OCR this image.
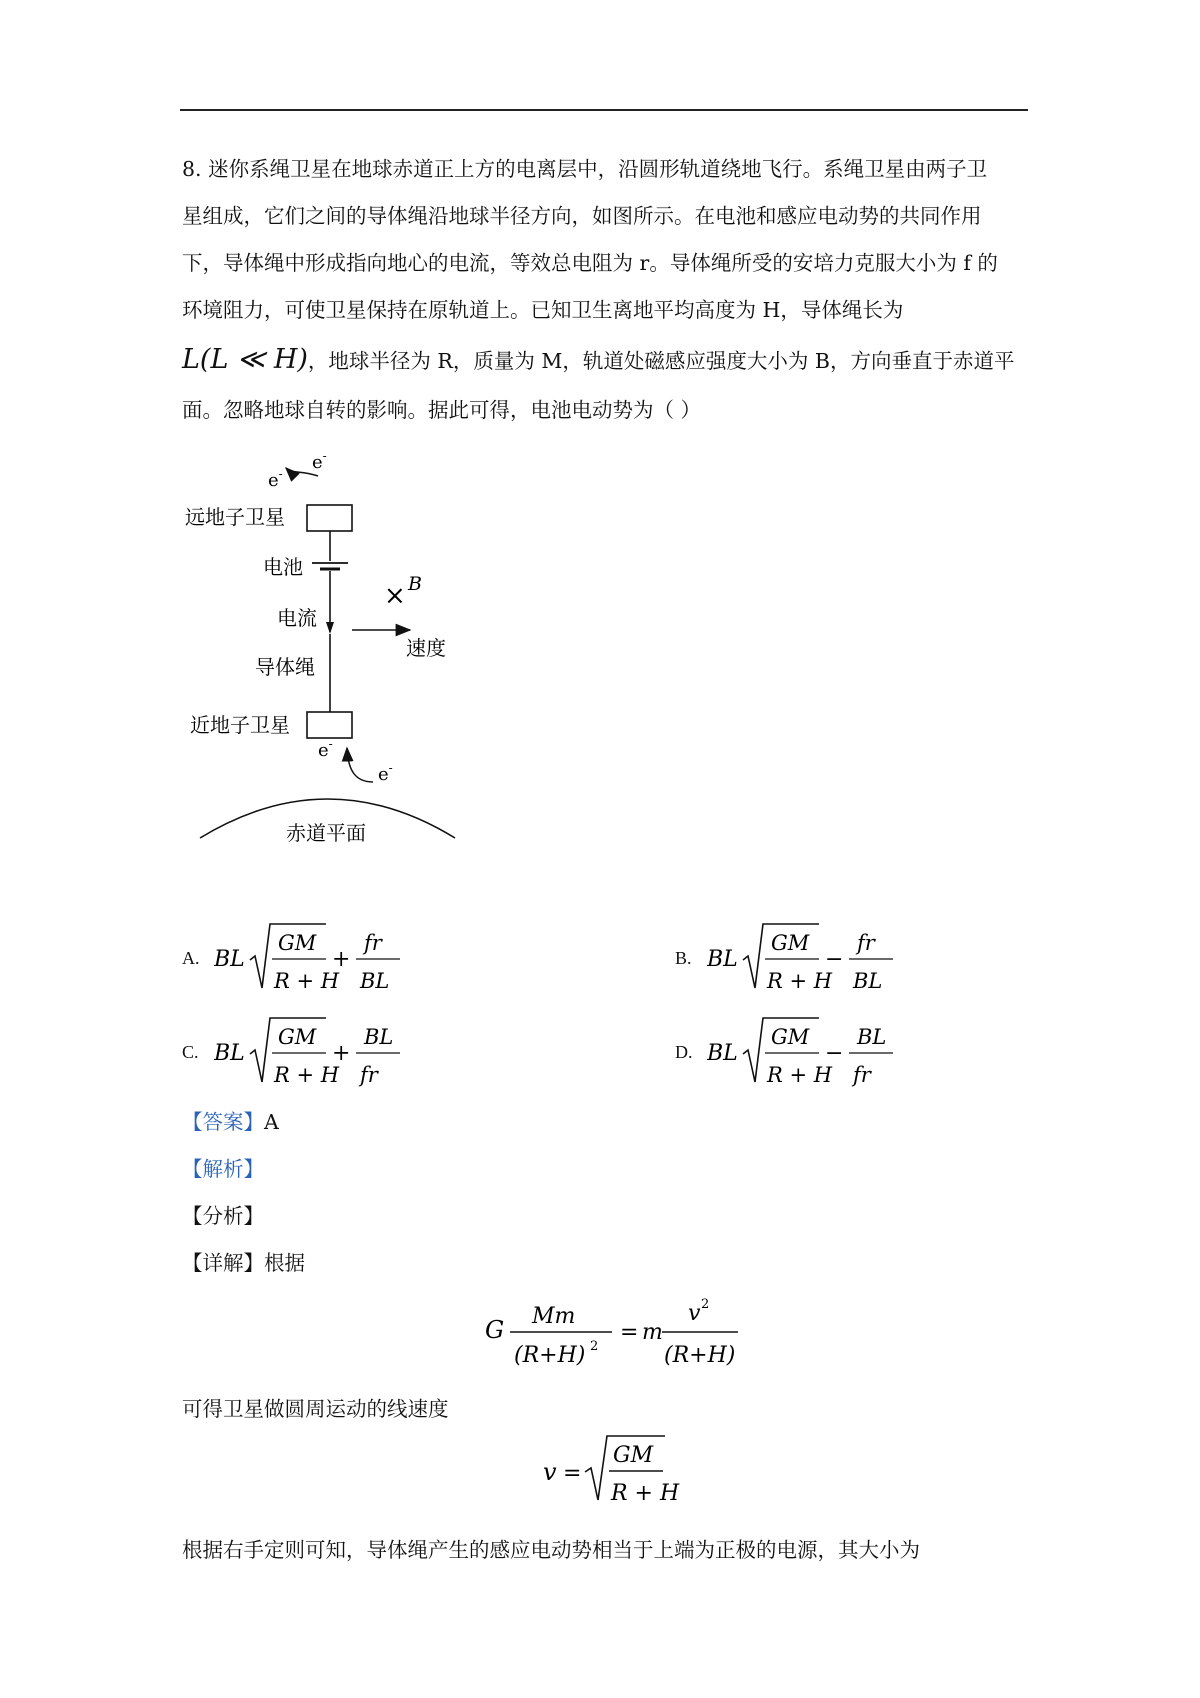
8. 迷你系绳卫星在地球赤道正上方的电离层中，沿圆形轨道绕地飞行。系绳卫星由两子卫
星组成，它们之间的导体绳沿地球半径方向，如图所示。在电池和感应电动势的共同作用
下，导体绳中形成指向地心的电流，等效总电阻为 r。导体绳所受的安培力克服大小为 f 的
环境阻力，可使卫星保持在原轨道上。已知卫生离地平均高度为 H，导体绳长为
L(L ≪ H)，地球半径为 R，质量为 M，轨道处磁感应强度大小为 B，方向垂直于赤道平
面。忽略地球自转的影响。据此可得，电池电动势为（ ）
e-
e-
远地子卫星
电池
电流
导体绳
× B
速度
近地子卫星
e-
e-
赤道平面
A. BL
GM
R + H
+
fr
BL
B. BL
GM
R + H
−
fr
BL
C. BL
GM
R + H
+
BL
fr
D. BL
GM
R + H
−
BL
fr
【答案】A
【解析】
【分析】
【详解】根据
G Mm
(R+H) 2
= m
v 2
(R+H)
可得卫星做圆周运动的线速度
v =
GM
R + H
根据右手定则可知，导体绳产生的感应电动势相当于上端为正极的电源，其大小为
